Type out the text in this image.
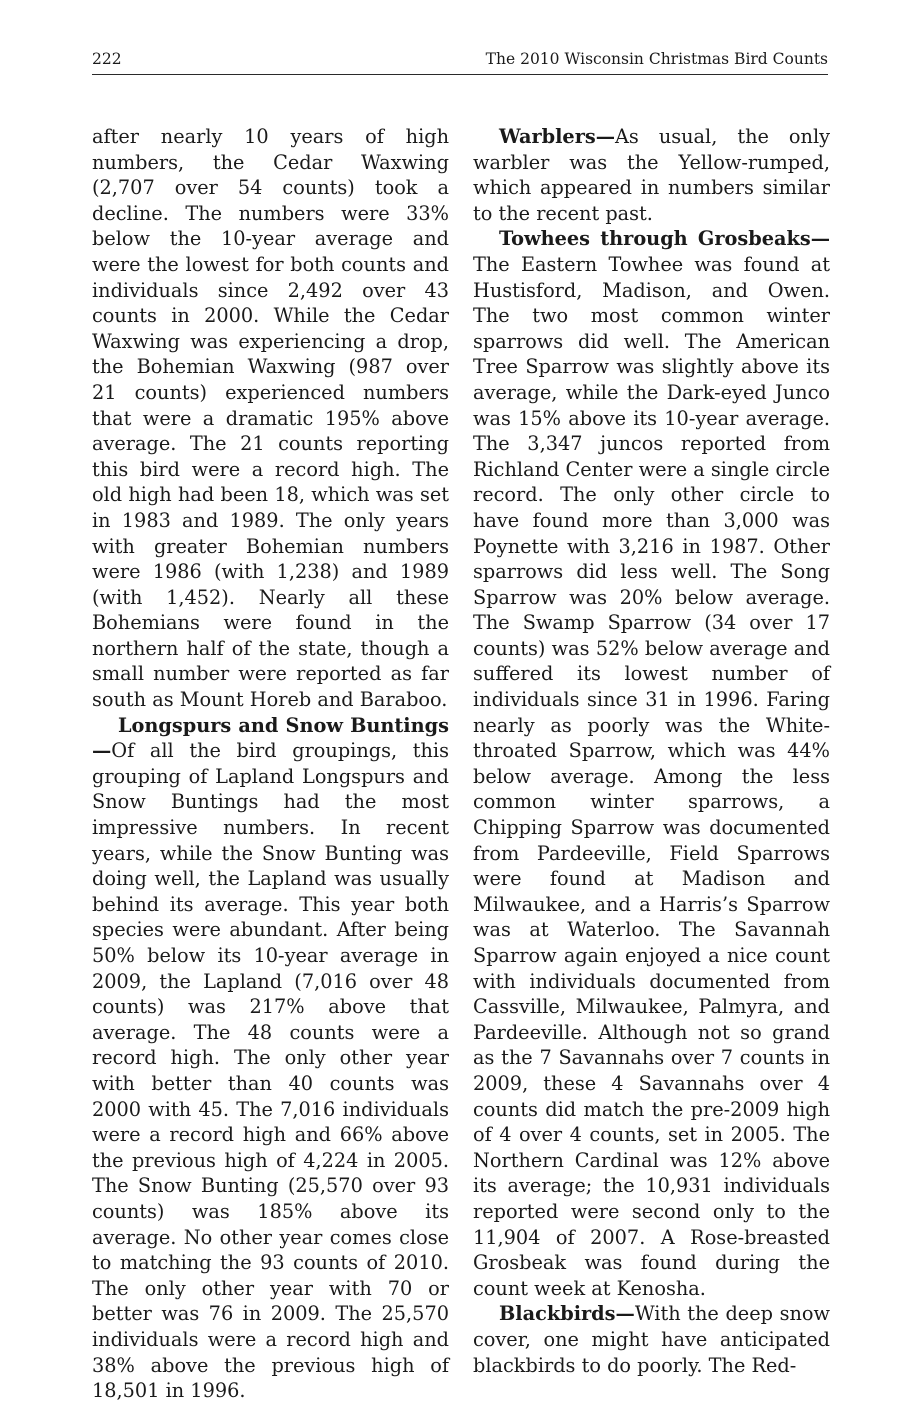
222	The 2010 Wisconsin Christmas Bird Counts

after nearly 10 years of high numbers, the Cedar Waxwing (2,707 over 54 counts) took a decline. The numbers were 33% below the 10-year average and were the lowest for both counts and individuals since 2,492 over 43 counts in 2000. While the Cedar Waxwing was experiencing a drop, the Bohemian Waxwing (987 over 21 counts) experienced numbers that were a dramatic 195% above average. The 21 counts reporting this bird were a record high. The old high had been 18, which was set in 1983 and 1989. The only years with greater Bohemian numbers were 1986 (with 1,238) and 1989 (with 1,452). Nearly all these Bohemians were found in the northern half of the state, though a small number were reported as far south as Mount Horeb and Baraboo.

Longspurs and Snow Buntings—Of all the bird groupings, this grouping of Lapland Longspurs and Snow Buntings had the most impressive numbers. In recent years, while the Snow Bunting was doing well, the Lapland was usually behind its average. This year both species were abundant. After being 50% below its 10-year average in 2009, the Lapland (7,016 over 48 counts) was 217% above that average. The 48 counts were a record high. The only other year with better than 40 counts was 2000 with 45. The 7,016 individuals were a record high and 66% above the previous high of 4,224 in 2005. The Snow Bunting (25,570 over 93 counts) was 185% above its average. No other year comes close to matching the 93 counts of 2010. The only other year with 70 or better was 76 in 2009. The 25,570 individuals were a record high and 38% above the previous high of 18,501 in 1996.

Warblers—As usual, the only warbler was the Yellow-rumped, which appeared in numbers similar to the recent past.

Towhees through Grosbeaks—The Eastern Towhee was found at Hustisford, Madison, and Owen. The two most common winter sparrows did well. The American Tree Sparrow was slightly above its average, while the Dark-eyed Junco was 15% above its 10-year average. The 3,347 juncos reported from Richland Center were a single circle record. The only other circle to have found more than 3,000 was Poynette with 3,216 in 1987. Other sparrows did less well. The Song Sparrow was 20% below average. The Swamp Sparrow (34 over 17 counts) was 52% below average and suffered its lowest number of individuals since 31 in 1996. Faring nearly as poorly was the White-throated Sparrow, which was 44% below average. Among the less common winter sparrows, a Chipping Sparrow was documented from Pardeeville, Field Sparrows were found at Madison and Milwaukee, and a Harris’s Sparrow was at Waterloo. The Savannah Sparrow again enjoyed a nice count with individuals documented from Cassville, Milwaukee, Palmyra, and Pardeeville. Although not so grand as the 7 Savannahs over 7 counts in 2009, these 4 Savannahs over 4 counts did match the pre-2009 high of 4 over 4 counts, set in 2005. The Northern Cardinal was 12% above its average; the 10,931 individuals reported were second only to the 11,904 of 2007. A Rose-breasted Grosbeak was found during the count week at Kenosha.

Blackbirds—With the deep snow cover, one might have anticipated blackbirds to do poorly. The Red-
